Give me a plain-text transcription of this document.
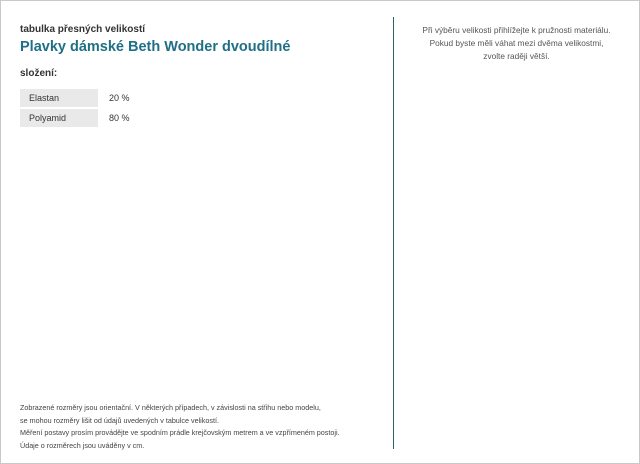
tabulka přesných velikostí
Plavky dámské Beth Wonder dvoudílné
složení:
Elastan	20 %
Polyamid	80 %
Zobrazené rozměry jsou orientační. V některých případech, v závislosti na střihu nebo modelu,
se mohou rozměry lišit od údajů uvedených v tabulce velikostí.
Měření postavy prosím provádějte ve spodním prádle krejčovským metrem a ve vzpřímeném postoji.
Údaje o rozměrech jsou uváděny v cm.
Při výběru velikosti přihlížejte k pružnosti materiálu.
Pokud byste měli váhat mezi dvěma velikostmi,
zvolte raději větší.
